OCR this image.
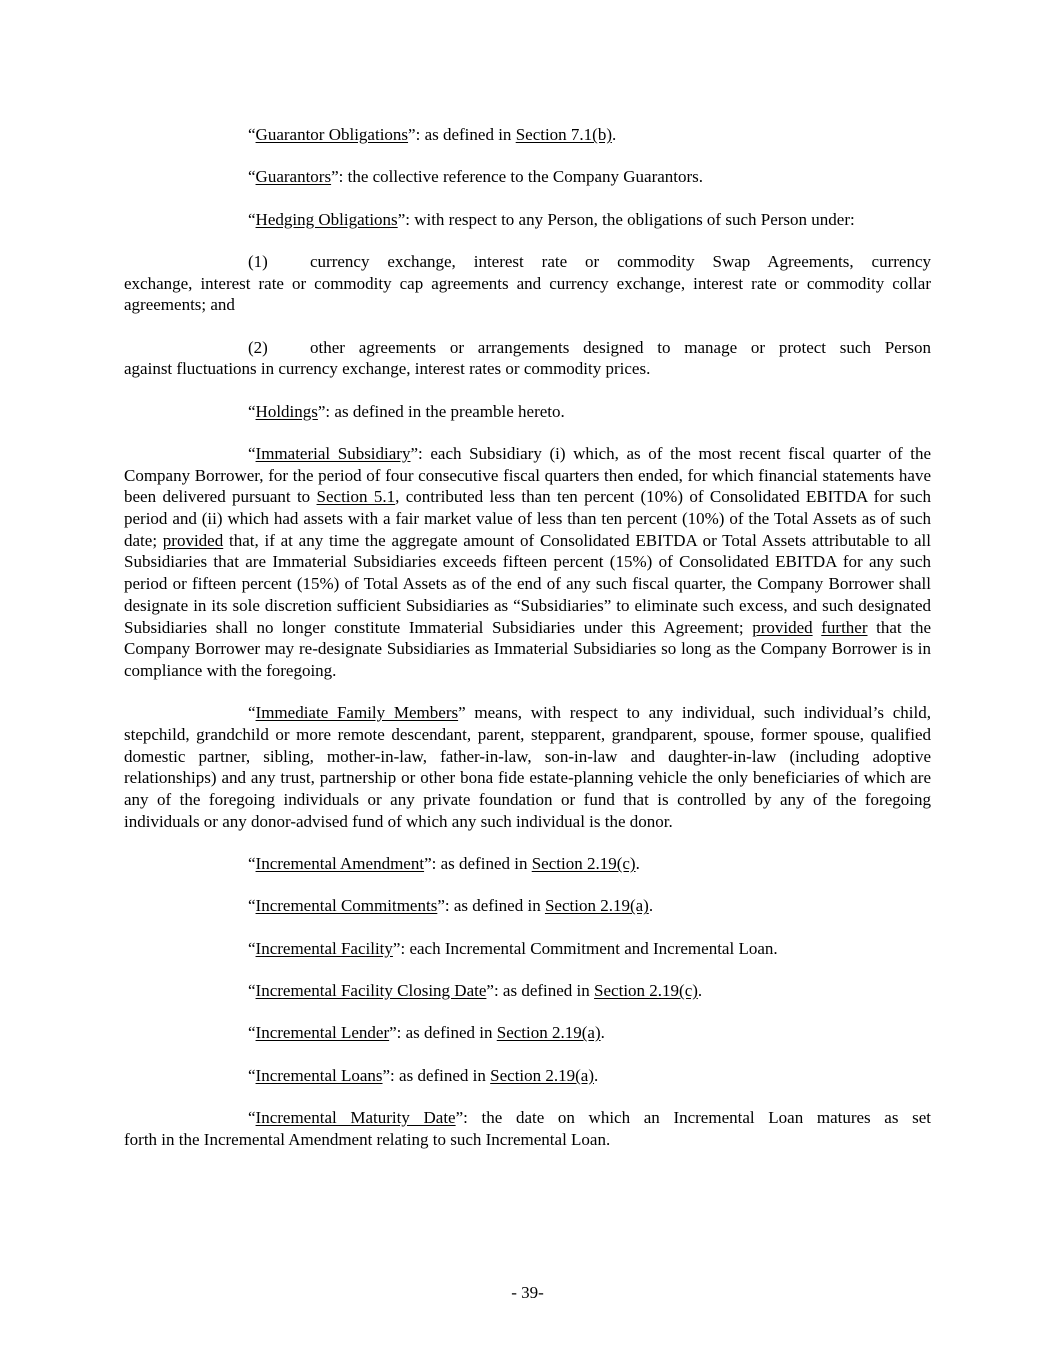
“Guarantor Obligations”: as defined in Section 7.1(b).

“Guarantors”: the collective reference to the Company Guarantors.

“Hedging Obligations”: with respect to any Person, the obligations of such Person under:

(1) currency exchange, interest rate or commodity Swap Agreements, currency
exchange, interest rate or commodity cap agreements and currency exchange, interest rate or commodity collar agreements; and

(2) other agreements or arrangements designed to manage or protect such Person
against fluctuations in currency exchange, interest rates or commodity prices.

“Holdings”: as defined in the preamble hereto.

“Immaterial Subsidiary”: each Subsidiary (i) which, as of the most recent fiscal quarter of the Company Borrower, for the period of four consecutive fiscal quarters then ended, for which financial statements have been delivered pursuant to Section 5.1, contributed less than ten percent (10%) of Consolidated EBITDA for such period and (ii) which had assets with a fair market value of less than ten percent (10%) of the Total Assets as of such date; provided that, if at any time the aggregate amount of Consolidated EBITDA or Total Assets attributable to all Subsidiaries that are Immaterial Subsidiaries exceeds fifteen percent (15%) of Consolidated EBITDA for any such period or fifteen percent (15%) of Total Assets as of the end of any such fiscal quarter, the Company Borrower shall designate in its sole discretion sufficient Subsidiaries as “Subsidiaries” to eliminate such excess, and such designated Subsidiaries shall no longer constitute Immaterial Subsidiaries under this Agreement; provided further that the Company Borrower may re-designate Subsidiaries as Immaterial Subsidiaries so long as the Company Borrower is in compliance with the foregoing.

“Immediate Family Members” means, with respect to any individual, such individual’s child, stepchild, grandchild or more remote descendant, parent, stepparent, grandparent, spouse, former spouse, qualified domestic partner, sibling, mother-in-law, father-in-law, son-in-law and daughter-in-law (including adoptive relationships) and any trust, partnership or other bona fide estate-planning vehicle the only beneficiaries of which are any of the foregoing individuals or any private foundation or fund that is controlled by any of the foregoing individuals or any donor-advised fund of which any such individual is the donor.

“Incremental Amendment”: as defined in Section 2.19(c).

“Incremental Commitments”: as defined in Section 2.19(a).

“Incremental Facility”: each Incremental Commitment and Incremental Loan.

“Incremental Facility Closing Date”: as defined in Section 2.19(c).

“Incremental Lender”: as defined in Section 2.19(a).

“Incremental Loans”: as defined in Section 2.19(a).

“Incremental Maturity Date”: the date on which an Incremental Loan matures as set
forth in the Incremental Amendment relating to such Incremental Loan.

- 39-
